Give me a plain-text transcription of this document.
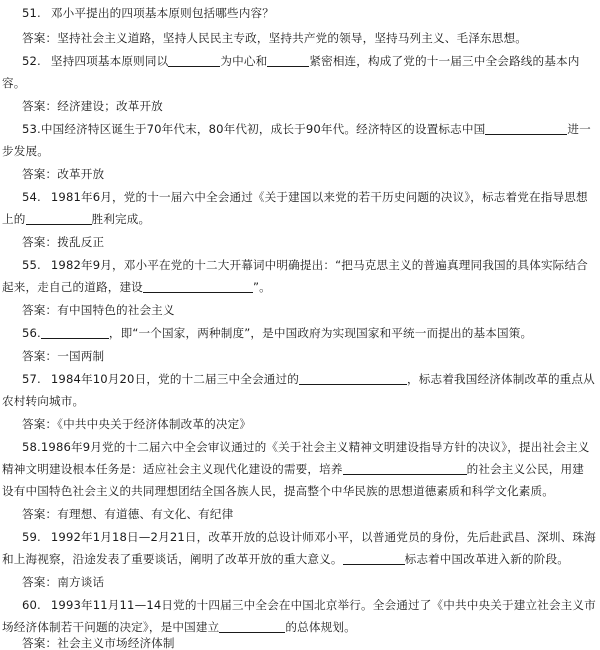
51. 邓小平提出的四项基本原则包括哪些内容？
答案：坚持社会主义道路，坚持人民民主专政，坚持共产党的领导，坚持马列主义、毛泽东思想。
52. 坚持四项基本原则同以	为中心和	紧密相连，构成了党的十一届三中全会路线的基本内
容。
答案：经济建设；改革开放
53.中国经济特区诞生于70年代末，80年代初，成长于90年代。经济特区的设置标志中国	进一
步发展。
答案：改革开放
54. 1981年6月，党的十一届六中全会通过《关于建国以来党的若干历史问题的决议》，标志着党在指导思想
上的	胜利完成。
答案：拨乱反正
55. 1982年9月，邓小平在党的十二大开幕词中明确提出：“把马克思主义的普遍真理同我国的具体实际结合
起来，走自己的道路，建设	”。
答案：有中国特色的社会主义
56.	，即“一个国家，两种制度”，是中国政府为实现国家和平统一而提出的基本国策。
答案：一国两制
57. 1984年10月20日，党的十二届三中全会通过的	，标志着我国经济体制改革的重点从
农村转向城市。
答案：《中共中央关于经济体制改革的决定》
58.1986年9月党的十二届六中全会审议通过的《关于社会主义精神文明建设指导方针的决议》，提出社会主义
精神文明建设根本任务是：适应社会主义现代化建设的需要，培养	的社会主义公民，用建
设有中国特色社会主义的共同理想团结全国各族人民，提高整个中华民族的思想道德素质和科学文化素质。
答案：有理想、有道德、有文化、有纪律
59. 1992年1月18日—2月21日，改革开放的总设计师邓小平，以普通党员的身份，先后赴武昌、深圳、珠海
和上海视察，沿途发表了重要谈话，阐明了改革开放的重大意义。	标志着中国改革进入新的阶段。
答案：南方谈话
60. 1993年11月11—14日党的十四届三中全会在中国北京举行。全会通过了《中共中央关于建立社会主义市
场经济体制若干问题的决定》，是中国建立	的总体规划。
答案：社会主义市场经济体制
